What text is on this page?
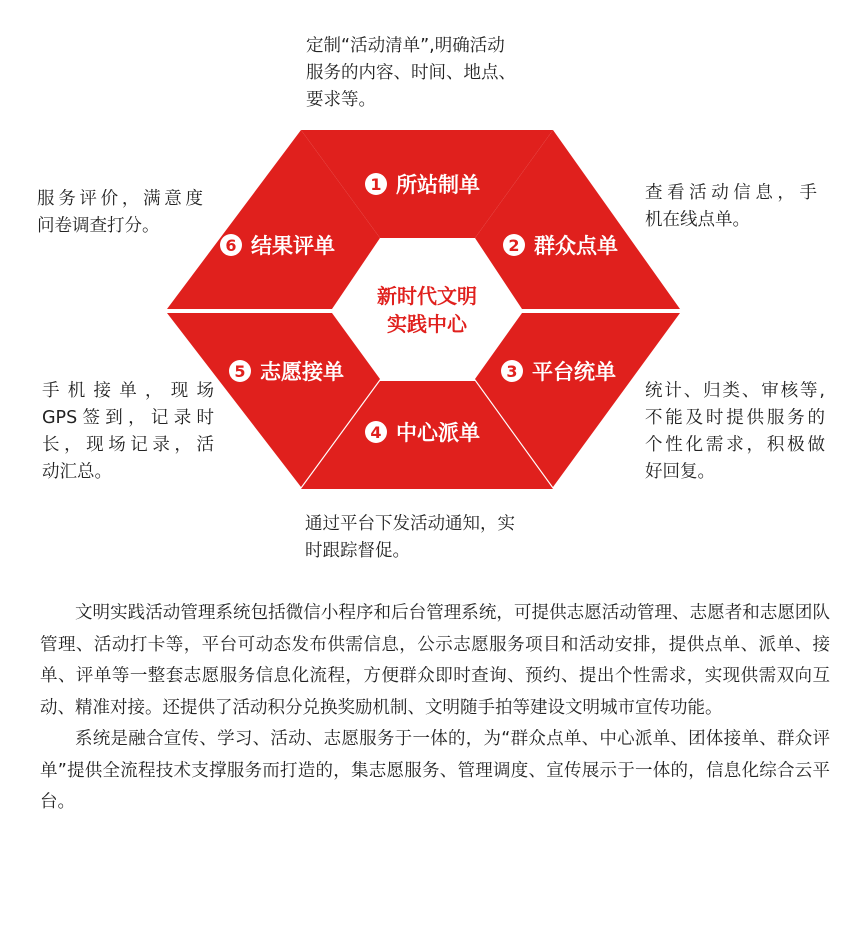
新时代文明
实践中心
1 所站制单
2 群众点单
3 平台统单
4 中心派单
5 志愿接单
6 结果评单
定制“活动清单”,明确活动
服务的内容、时间、地点、
要求等。
查看活动信息，手
机在线点单。
服务评价，满意度
问卷调查打分。
手机接单，现场
GPS签到，记录时
长，现场记录，活
动汇总。
统计、归类、审核等,
不能及时提供服务的
个性化需求，积极做
好回复。
通过平台下发活动通知，实
时跟踪督促。

文明实践活动管理系统包括微信小程序和后台管理系统，可提供志愿活动管理、志愿者和志愿团队管理、活动打卡等，平台可动态发布供需信息，公示志愿服务项目和活动安排，提供点单、派单、接单、评单等一整套志愿服务信息化流程，方便群众即时查询、预约、提出个性需求，实现供需双向互动、精准对接。还提供了活动积分兑换奖励机制、文明随手拍等建设文明城市宣传功能。

系统是融合宣传、学习、活动、志愿服务于一体的，为“群众点单、中心派单、团体接单、群众评单”提供全流程技术支撑服务而打造的，集志愿服务、管理调度、宣传展示于一体的，信息化综合云平台。
